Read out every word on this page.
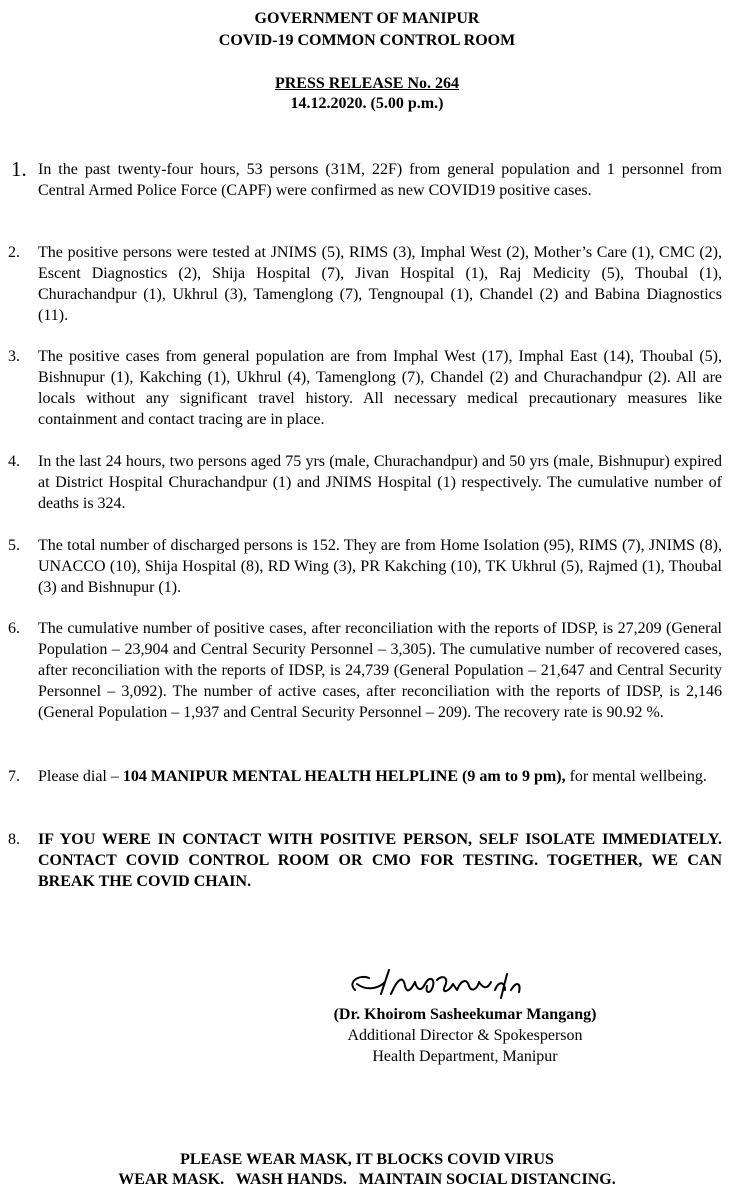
GOVERNMENT OF MANIPUR
COVID-19 COMMON CONTROL ROOM
PRESS RELEASE No. 264
14.12.2020. (5.00 p.m.)
1. In the past twenty-four hours, 53 persons (31M, 22F) from general population and 1 personnel from Central Armed Police Force (CAPF) were confirmed as new COVID19 positive cases.
2. The positive persons were tested at JNIMS (5), RIMS (3), Imphal West (2), Mother’s Care (1), CMC (2), Escent Diagnostics (2), Shija Hospital (7), Jivan Hospital (1), Raj Medicity (5), Thoubal (1), Churachandpur (1), Ukhrul (3), Tamenglong (7), Tengnoupal (1), Chandel (2) and Babina Diagnostics (11).
3. The positive cases from general population are from Imphal West (17), Imphal East (14), Thoubal (5), Bishnupur (1), Kakching (1), Ukhrul (4), Tamenglong (7), Chandel (2) and Churachandpur (2). All are locals without any significant travel history. All necessary medical precautionary measures like containment and contact tracing are in place.
4. In the last 24 hours, two persons aged 75 yrs (male, Churachandpur) and 50 yrs (male, Bishnupur) expired at District Hospital Churachandpur (1) and JNIMS Hospital (1) respectively. The cumulative number of deaths is 324.
5. The total number of discharged persons is 152. They are from Home Isolation (95), RIMS (7), JNIMS (8), UNACCO (10), Shija Hospital (8), RD Wing (3), PR Kakching (10), TK Ukhrul (5), Rajmed (1), Thoubal (3) and Bishnupur (1).
6. The cumulative number of positive cases, after reconciliation with the reports of IDSP, is 27,209 (General Population – 23,904 and Central Security Personnel – 3,305). The cumulative number of recovered cases, after reconciliation with the reports of IDSP, is 24,739 (General Population – 21,647 and Central Security Personnel – 3,092). The number of active cases, after reconciliation with the reports of IDSP, is 2,146 (General Population – 1,937 and Central Security Personnel – 209). The recovery rate is 90.92 %.
7. Please dial – 104 MANIPUR MENTAL HEALTH HELPLINE (9 am to 9 pm), for mental wellbeing.
8. IF YOU WERE IN CONTACT WITH POSITIVE PERSON, SELF ISOLATE IMMEDIATELY. CONTACT COVID CONTROL ROOM OR CMO FOR TESTING. TOGETHER, WE CAN BREAK THE COVID CHAIN.
(Dr. Khoirom Sasheekumar Mangang)
Additional Director & Spokesperson
Health Department, Manipur
PLEASE WEAR MASK, IT BLOCKS COVID VIRUS
WEAR MASK.   WASH HANDS.   MAINTAIN SOCIAL DISTANCING.
